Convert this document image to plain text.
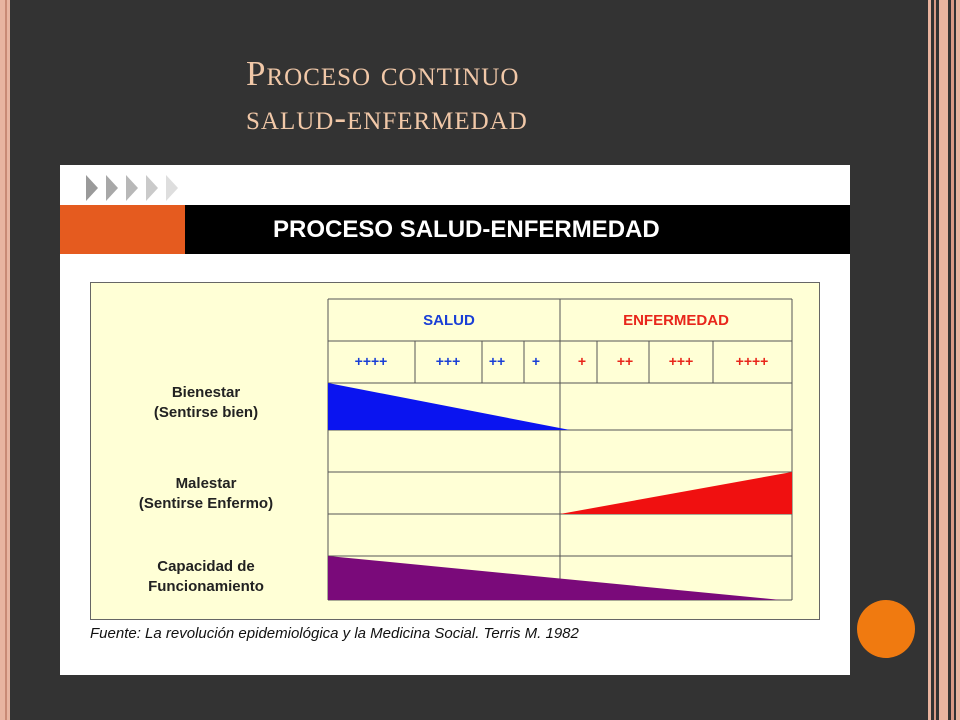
Proceso continuo
salud-enfermedad
PROCESO SALUD-ENFERMEDAD
Bienestar
(Sentirse bien)
Malestar
(Sentirse Enfermo)
Capacidad de
Funcionamiento
SALUD	ENFERMEDAD
++++	+++ ++ +	+ ++	+++	++++
Fuente: La revolución epidemiológica y la Medicina Social. Terris M. 1982
